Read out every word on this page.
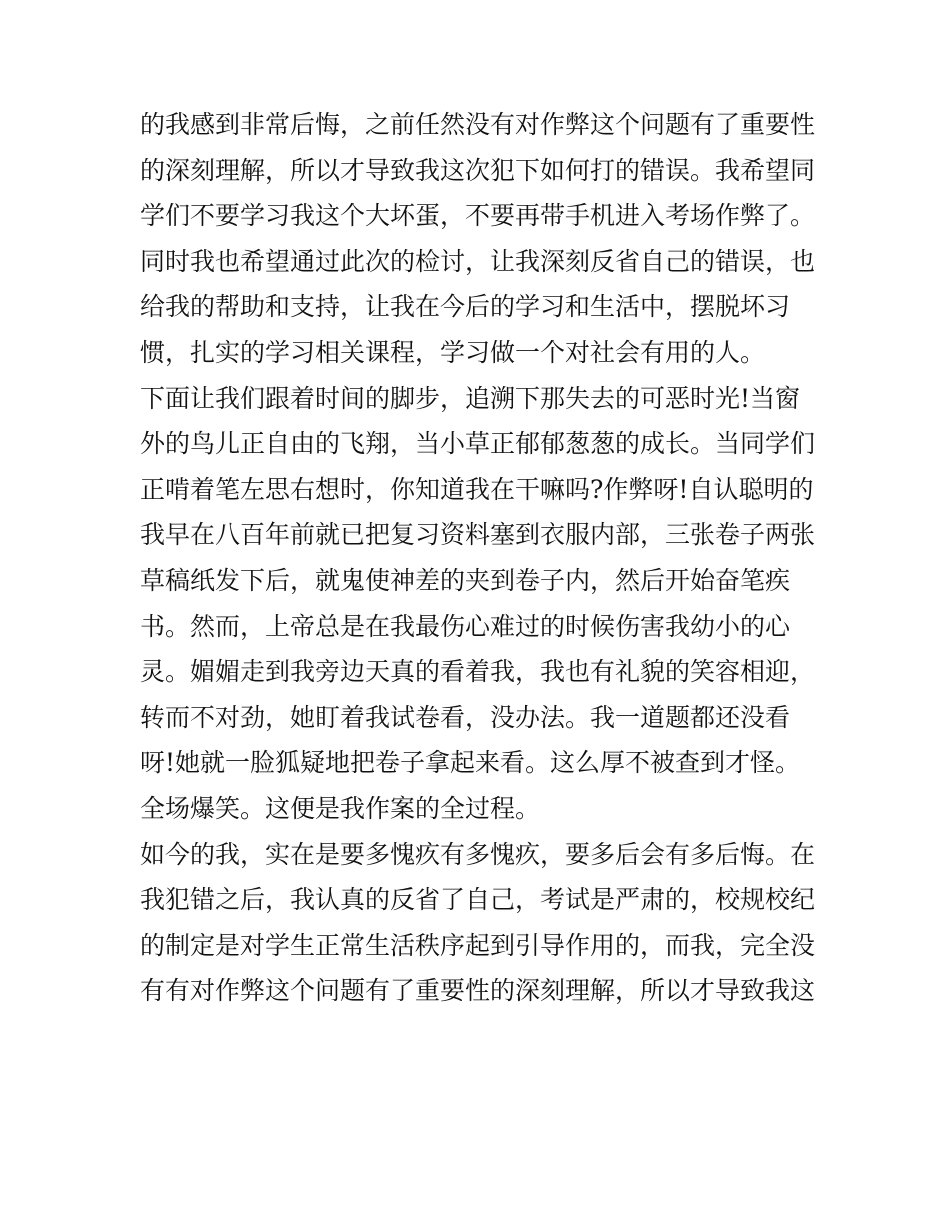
的我感到非常后悔，之前任然没有对作弊这个问题有了重要性
的深刻理解，所以才导致我这次犯下如何打的错误。我希望同
学们不要学习我这个大坏蛋，不要再带手机进入考场作弊了。
同时我也希望通过此次的检讨，让我深刻反省自己的错误，也
给我的帮助和支持，让我在今后的学习和生活中，摆脱坏习
惯，扎实的学习相关课程，学习做一个对社会有用的人。
下面让我们跟着时间的脚步，追溯下那失去的可恶时光!当窗
外的鸟儿正自由的飞翔，当小草正郁郁葱葱的成长。当同学们
正啃着笔左思右想时，你知道我在干嘛吗?作弊呀!自认聪明的
我早在八百年前就已把复习资料塞到衣服内部，三张卷子两张
草稿纸发下后，就鬼使神差的夹到卷子内，然后开始奋笔疾
书。然而，上帝总是在我最伤心难过的时候伤害我幼小的心
灵。媚媚走到我旁边天真的看着我，我也有礼貌的笑容相迎，
转而不对劲，她盯着我试卷看，没办法。我一道题都还没看
呀!她就一脸狐疑地把卷子拿起来看。这么厚不被查到才怪。
全场爆笑。这便是我作案的全过程。
如今的我，实在是要多愧疚有多愧疚，要多后会有多后悔。在
我犯错之后，我认真的反省了自己，考试是严肃的，校规校纪
的制定是对学生正常生活秩序起到引导作用的，而我，完全没
有有对作弊这个问题有了重要性的深刻理解，所以才导致我这
